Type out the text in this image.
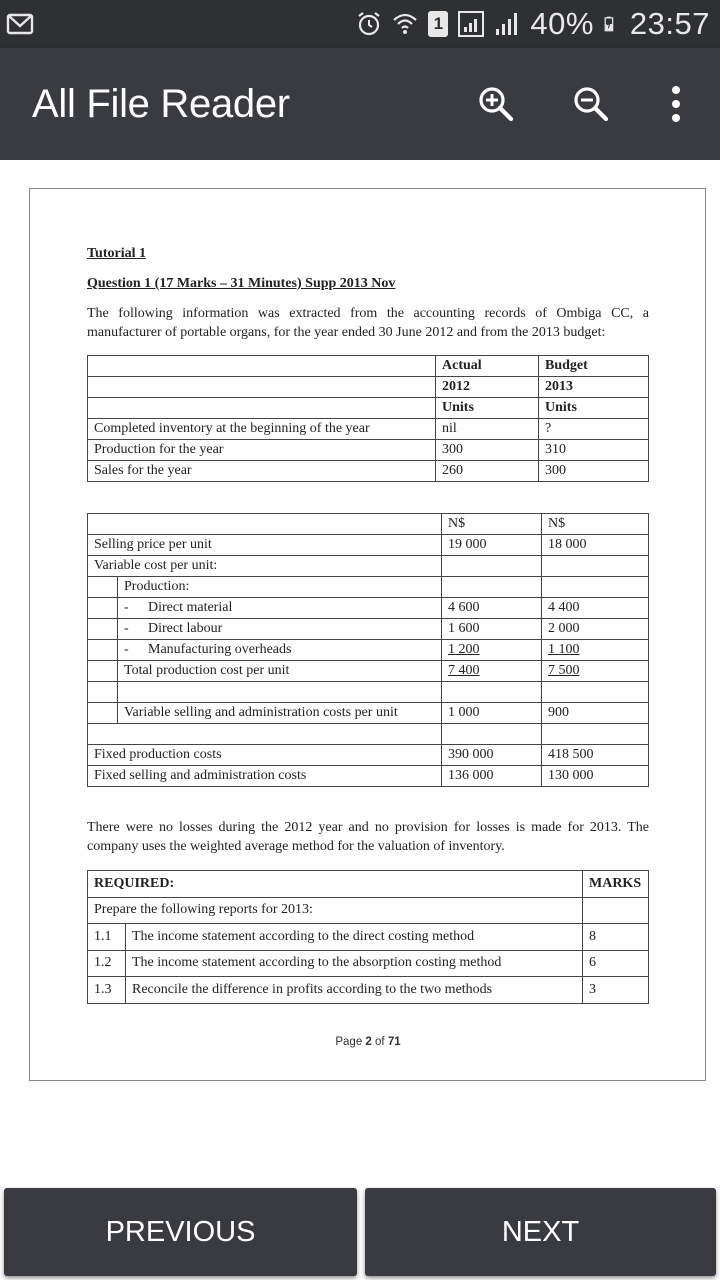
1	40% 23:57
All File Reader
Tutorial 1
Question 1 (17 Marks – 31 Minutes) Supp 2013 Nov
The following information was extracted from the accounting records of Ombiga CC, a manufacturer of portable organs, for the year ended 30 June 2012 and from the 2013 budget:
	Actual	Budget
	2012	2013
	Units	Units
Completed inventory at the beginning of the year	nil	?
Production for the year	300	310
Sales for the year	260	300
		N$	N$
Selling price per unit		19 000	18 000
Variable cost per unit:			
	Production:		
	- Direct material	4 600	4 400
	- Direct labour	1 600	2 000
	- Manufacturing overheads	1 200	1 100
	Total production cost per unit	7 400	7 500

	Variable selling and administration costs per unit	1 000	900

Fixed production costs		390 000	418 500
Fixed selling and administration costs		136 000	130 000
There were no losses during the 2012 year and no provision for losses is made for 2013. The company uses the weighted average method for the valuation of inventory.
REQUIRED:		MARKS
Prepare the following reports for 2013:		
1.1	The income statement according to the direct costing method	8
1.2	The income statement according to the absorption costing method	6
1.3	Reconcile the difference in profits according to the two methods	3
Page 2 of 71
PREVIOUS	NEXT
